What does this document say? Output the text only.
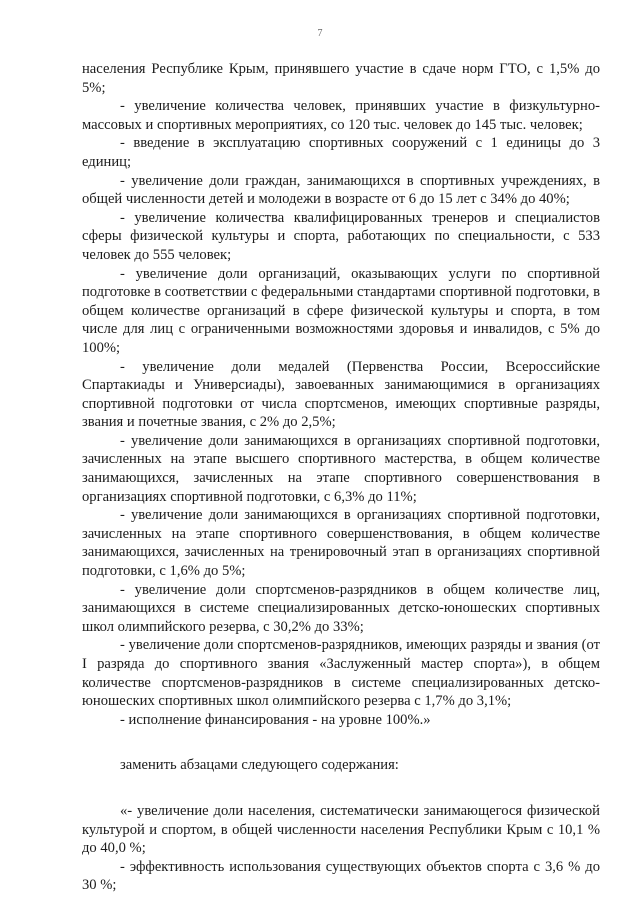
7

населения Республике Крым, принявшего участие в сдаче норм ГТО, с 1,5% до 5%;

- увеличение количества человек, принявших участие в физкультурно-массовых и спортивных мероприятиях, со 120 тыс. человек до 145 тыс. человек;

- введение в эксплуатацию спортивных сооружений с 1 единицы до 3 единиц;

- увеличение доли граждан, занимающихся в спортивных учреждениях, в общей численности детей и молодежи в возрасте от 6 до 15 лет с 34% до 40%;

- увеличение количества квалифицированных тренеров и специалистов сферы физической культуры и спорта, работающих по специальности, с 533 человек до 555 человек;

- увеличение доли организаций, оказывающих услуги по спортивной подготовке в соответствии с федеральными стандартами спортивной подготовки, в общем количестве организаций в сфере физической культуры и спорта, в том числе для лиц с ограниченными возможностями здоровья и инвалидов, с 5% до 100%;

- увеличение доли медалей (Первенства России, Всероссийские Спартакиады и Универсиады), завоеванных занимающимися в организациях спортивной подготовки от числа спортсменов, имеющих спортивные разряды, звания и почетные звания, с 2% до 2,5%;

- увеличение доли занимающихся в организациях спортивной подготовки, зачисленных на этапе высшего спортивного мастерства, в общем количестве занимающихся, зачисленных на этапе спортивного совершенствования в организациях спортивной подготовки, с 6,3% до 11%;

- увеличение доли занимающихся в организациях спортивной подготовки, зачисленных на этапе спортивного совершенствования, в общем количестве занимающихся, зачисленных на тренировочный этап в организациях спортивной подготовки, с 1,6% до 5%;

- увеличение доли спортсменов-разрядников в общем количестве лиц, занимающихся в системе специализированных детско-юношеских спортивных школ олимпийского резерва, с 30,2% до 33%;

- увеличение доли спортсменов-разрядников, имеющих разряды и звания (от I разряда до спортивного звания «Заслуженный мастер спорта»), в общем количестве спортсменов-разрядников в системе специализированных детско-юношеских спортивных школ олимпийского резерва с 1,7% до 3,1%;

- исполнение финансирования - на уровне 100%.»

заменить абзацами следующего содержания:

«- увеличение доли населения, систематически занимающегося физической культурой и спортом, в общей численности населения Республики Крым с 10,1 % до 40,0 %;

- эффективность использования существующих объектов спорта с 3,6 % до 30 %;
